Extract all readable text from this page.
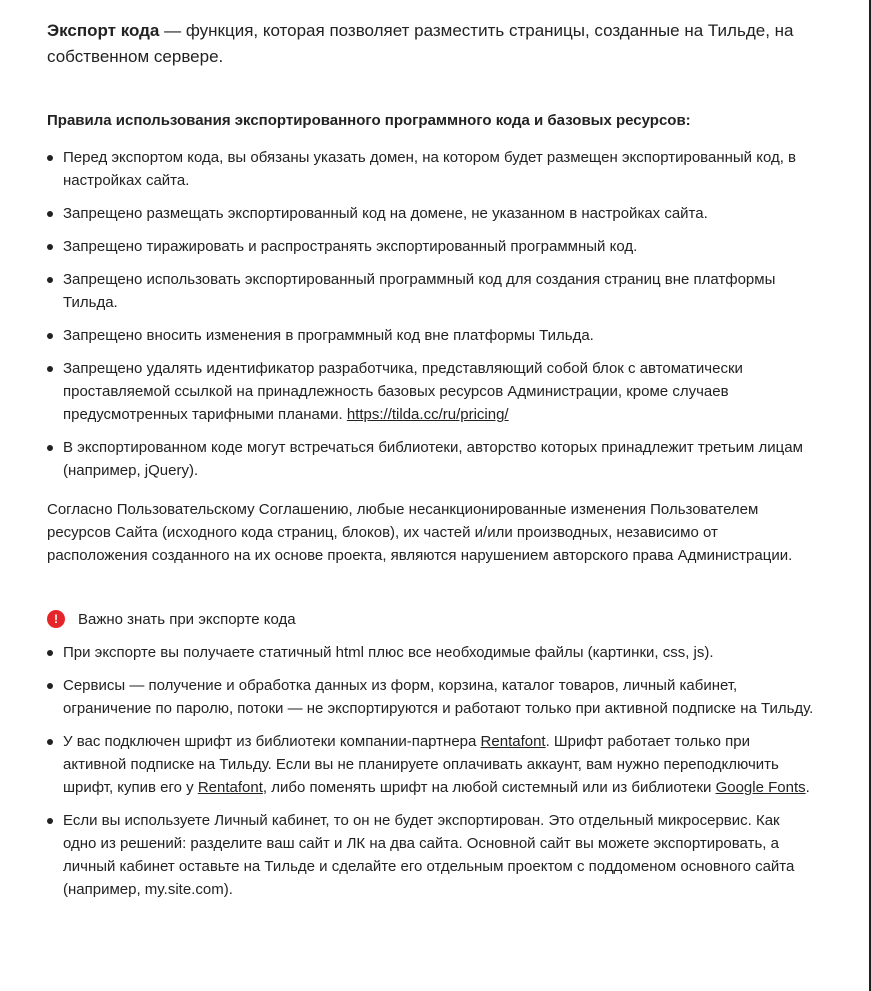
Экспорт кода — функция, которая позволяет разместить страницы, созданные на Тильде, на собственном сервере.

Правила использования экспортированного программного кода и базовых ресурсов:
Перед экспортом кода, вы обязаны указать домен, на котором будет размещен экспортированный код, в настройках сайта.
Запрещено размещать экспортированный код на домене, не указанном в настройках сайта.
Запрещено тиражировать и распространять экспортированный программный код.
Запрещено использовать экспортированный программный код для создания страниц вне платформы Тильда.
Запрещено вносить изменения в программный код вне платформы Тильда.
Запрещено удалять идентификатор разработчика, представляющий собой блок с автоматически проставляемой ссылкой на принадлежность базовых ресурсов Администрации, кроме случаев предусмотренных тарифными планами. https://tilda.cc/ru/pricing/
В экспортированном коде могут встречаться библиотеки, авторство которых принадлежит третьим лицам (например, jQuery).

Согласно Пользовательскому Соглашению, любые несанкционированные изменения Пользователем ресурсов Сайта (исходного кода страниц, блоков), их частей и/или производных, независимо от расположения созданного на их основе проекта, являются нарушением авторского права Администрации.

!	Важно знать при экспорте кода
При экспорте вы получаете статичный html плюс все необходимые файлы (картинки, css, js).
Сервисы — получение и обработка данных из форм, корзина, каталог товаров, личный кабинет, ограничение по паролю, потоки — не экспортируются и работают только при активной подписке на Тильду.
У вас подключен шрифт из библиотеки компании-партнера Rentafont. Шрифт работает только при активной подписке на Тильду. Если вы не планируете оплачивать аккаунт, вам нужно переподключить шрифт, купив его у Rentafont, либо поменять шрифт на любой системный или из библиотеки Google Fonts.
Если вы используете Личный кабинет, то он не будет экспортирован. Это отдельный микросервис. Как одно из решений: разделите ваш сайт и ЛК на два сайта. Основной сайт вы можете экспортировать, а личный кабинет оставьте на Тильде и сделайте его отдельным проектом с поддоменом основного сайта (например, my.site.com).
